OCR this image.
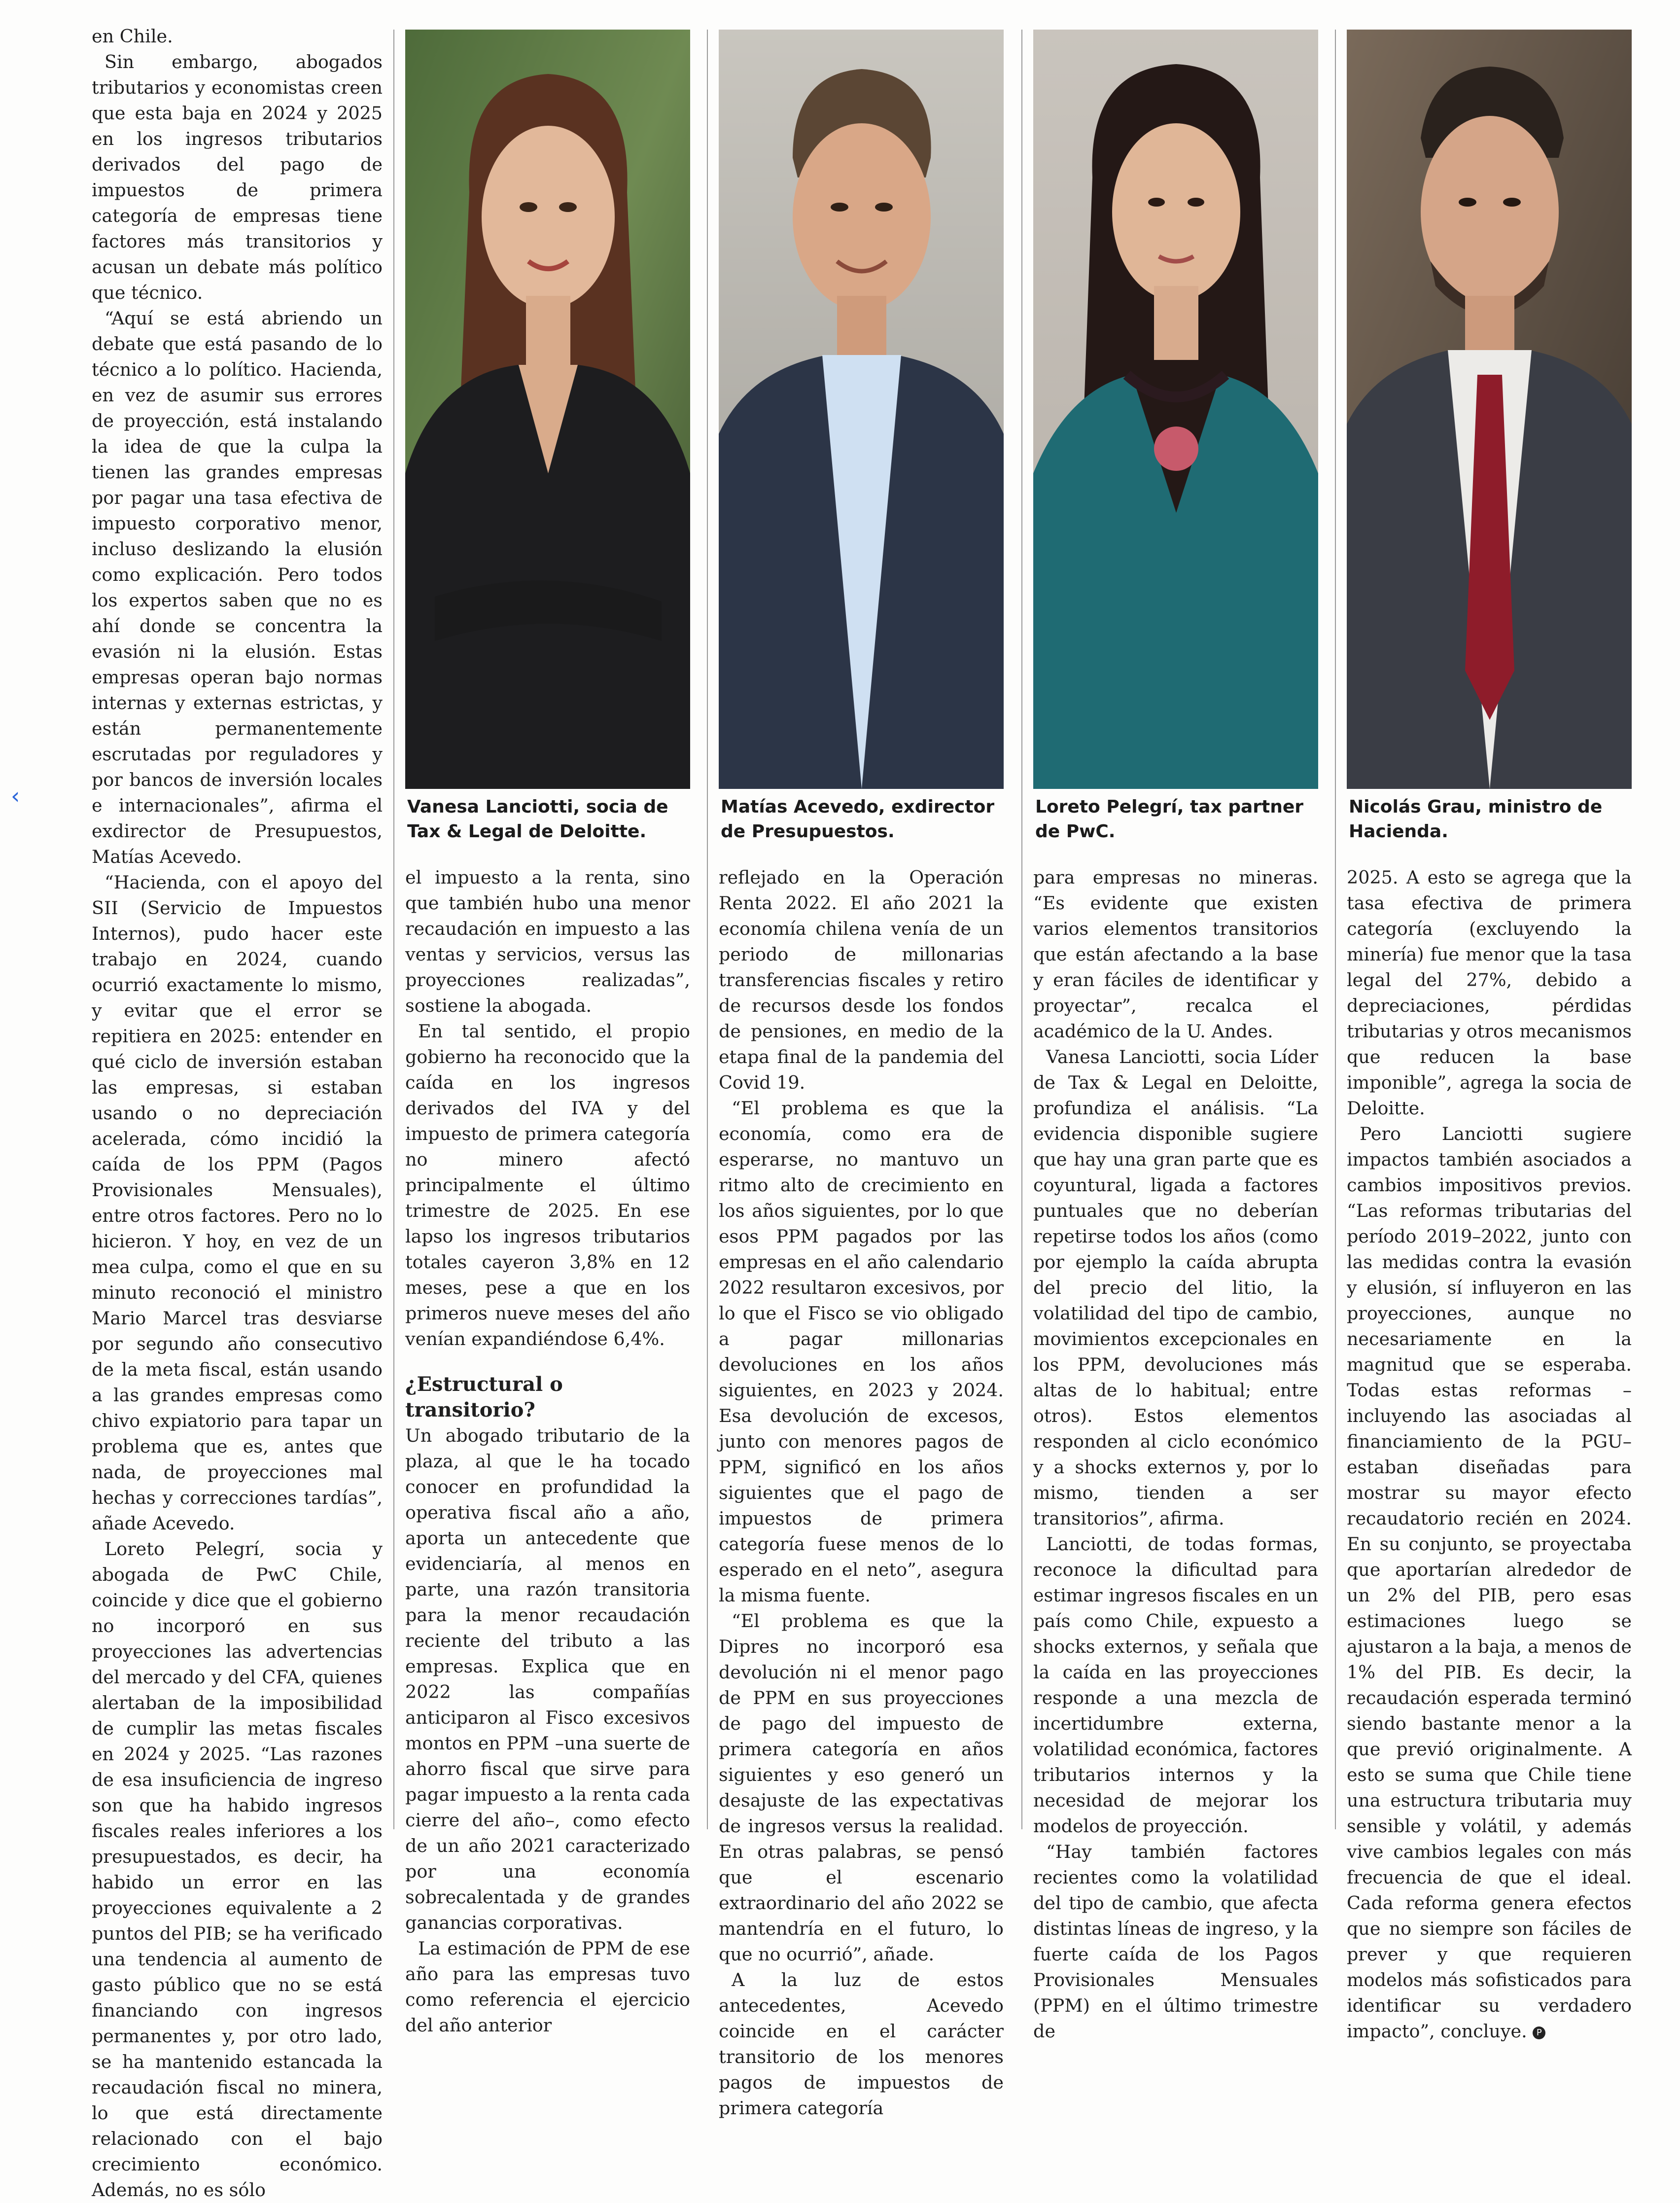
‹

en Chile.

Sin embargo, abogados tributarios y economistas creen que esta baja en 2024 y 2025 en los ingresos tributarios derivados del pago de impuestos de primera categoría de empresas tiene factores más transitorios y acusan un debate más político que técnico.

“Aquí se está abriendo un debate que está pasando de lo técnico a lo político. Hacienda, en vez de asumir sus errores de proyección, está instalando la idea de que la culpa la tienen las grandes empresas por pagar una tasa efectiva de impuesto corporativo menor, incluso deslizando la elusión como explicación. Pero todos los expertos saben que no es ahí donde se concentra la evasión ni la elusión. Estas empresas operan bajo normas internas y externas estrictas, y están permanentemente escrutadas por reguladores y por bancos de inversión locales e internacionales”, afirma el exdirector de Presupuestos, Matías Acevedo.

“Hacienda, con el apoyo del SII (Servicio de Impuestos Internos), pudo hacer este trabajo en 2024, cuando ocurrió exactamente lo mismo, y evitar que el error se repitiera en 2025: entender en qué ciclo de inversión estaban las empresas, si estaban usando o no depreciación acelerada, cómo incidió la caída de los PPM (Pagos Provisionales Mensuales), entre otros factores. Pero no lo hicieron. Y hoy, en vez de un mea culpa, como el que en su minuto reconoció el ministro Mario Marcel tras desviarse por segundo año consecutivo de la meta fiscal, están usando a las grandes empresas como chivo expiatorio para tapar un problema que es, antes que nada, de proyecciones mal hechas y correcciones tardías”, añade Acevedo.

Loreto Pelegrí, socia y abogada de PwC Chile, coincide y dice que el gobierno no incorporó en sus proyecciones las advertencias del mercado y del CFA, quienes alertaban de la imposibilidad de cumplir las metas fiscales en 2024 y 2025. “Las razones de esa insuficiencia de ingreso son que ha habido ingresos fiscales reales inferiores a los presupuestados, es decir, ha habido un error en las proyecciones equivalente a 2 puntos del PIB; se ha verificado una tendencia al aumento de gasto público que no se está financiando con ingresos permanentes y, por otro lado, se ha mantenido estancada la recaudación fiscal no minera, lo que está directamente relacionado con el bajo crecimiento económico. Además, no es sólo

Vanesa Lanciotti, socia de Tax & Legal de Deloitte.
Matías Acevedo, exdirector de Presupuestos.
Loreto Pelegrí, tax partner de PwC.
Nicolás Grau, ministro de Hacienda.

el impuesto a la renta, sino que también hubo una menor recaudación en impuesto a las ventas y servicios, versus las proyecciones realizadas”, sostiene la abogada.

En tal sentido, el propio gobierno ha reconocido que la caída en los ingresos derivados del IVA y del impuesto de primera categoría no minero afectó principalmente el último trimestre de 2025. En ese lapso los ingresos tributarios totales cayeron 3,8% en 12 meses, pese a que en los primeros nueve meses del año venían expandiéndose 6,4%.

¿Estructural o transitorio?

Un abogado tributario de la plaza, al que le ha tocado conocer en profundidad la operativa fiscal año a año, aporta un antecedente que evidenciaría, al menos en parte, una razón transitoria para la menor recaudación reciente del tributo a las empresas. Explica que en 2022 las compañías anticiparon al Fisco excesivos montos en PPM –una suerte de ahorro fiscal que sirve para pagar impuesto a la renta cada cierre del año–, como efecto de un año 2021 caracterizado por una economía sobrecalentada y de grandes ganancias corporativas.

La estimación de PPM de ese año para las empresas tuvo como referencia el ejercicio del año anterior

reflejado en la Operación Renta 2022. El año 2021 la economía chilena venía de un periodo de millonarias transferencias fiscales y retiro de recursos desde los fondos de pensiones, en medio de la etapa final de la pandemia del Covid 19.

“El problema es que la economía, como era de esperarse, no mantuvo un ritmo alto de crecimiento en los años siguientes, por lo que esos PPM pagados por las empresas en el año calendario 2022 resultaron excesivos, por lo que el Fisco se vio obligado a pagar millonarias devoluciones en los años siguientes, en 2023 y 2024. Esa devolución de excesos, junto con menores pagos de PPM, significó en los años siguientes que el pago de impuestos de primera categoría fuese menos de lo esperado en el neto”, asegura la misma fuente.

“El problema es que la Dipres no incorporó esa devolución ni el menor pago de PPM en sus proyecciones de pago del impuesto de primera categoría en años siguientes y eso generó un desajuste de las expectativas de ingresos versus la realidad. En otras palabras, se pensó que el escenario extraordinario del año 2022 se mantendría en el futuro, lo que no ocurrió”, añade.

A la luz de estos antecedentes, Acevedo coincide en el carácter transitorio de los menores pagos de impuestos de primera categoría

para empresas no mineras. “Es evidente que existen varios elementos transitorios que están afectando a la base y eran fáciles de identificar y proyectar”, recalca el académico de la U. Andes.

Vanesa Lanciotti, socia Líder de Tax & Legal en Deloitte, profundiza el análisis. “La evidencia disponible sugiere que hay una gran parte que es coyuntural, ligada a factores puntuales que no deberían repetirse todos los años (como por ejemplo la caída abrupta del precio del litio, la volatilidad del tipo de cambio, movimientos excepcionales en los PPM, devoluciones más altas de lo habitual; entre otros). Estos elementos responden al ciclo económico y a shocks externos y, por lo mismo, tienden a ser transitorios”, afirma.

Lanciotti, de todas formas, reconoce la dificultad para estimar ingresos fiscales en un país como Chile, expuesto a shocks externos, y señala que la caída en las proyecciones responde a una mezcla de incertidumbre externa, volatilidad económica, factores tributarios internos y la necesidad de mejorar los modelos de proyección.

“Hay también factores recientes como la volatilidad del tipo de cambio, que afecta distintas líneas de ingreso, y la fuerte caída de los Pagos Provisionales Mensuales (PPM) en el último trimestre de

2025. A esto se agrega que la tasa efectiva de primera categoría (excluyendo la minería) fue menor que la tasa legal del 27%, debido a depreciaciones, pérdidas tributarias y otros mecanismos que reducen la base imponible”, agrega la socia de Deloitte.

Pero Lanciotti sugiere impactos también asociados a cambios impositivos previos. “Las reformas tributarias del período 2019–2022, junto con las medidas contra la evasión y elusión, sí influyeron en las proyecciones, aunque no necesariamente en la magnitud que se esperaba. Todas estas reformas –incluyendo las asociadas al financiamiento de la PGU– estaban diseñadas para mostrar su mayor efecto recaudatorio recién en 2024. En su conjunto, se proyectaba que aportarían alrededor de un 2% del PIB, pero esas estimaciones luego se ajustaron a la baja, a menos de 1% del PIB. Es decir, la recaudación esperada terminó siendo bastante menor a la que previó originalmente. A esto se suma que Chile tiene una estructura tributaria muy sensible y volátil, y además vive cambios legales con más frecuencia de que el ideal. Cada reforma genera efectos que no siempre son fáciles de prever y que requieren modelos más sofisticados para identificar su verdadero impacto”, concluye. P
